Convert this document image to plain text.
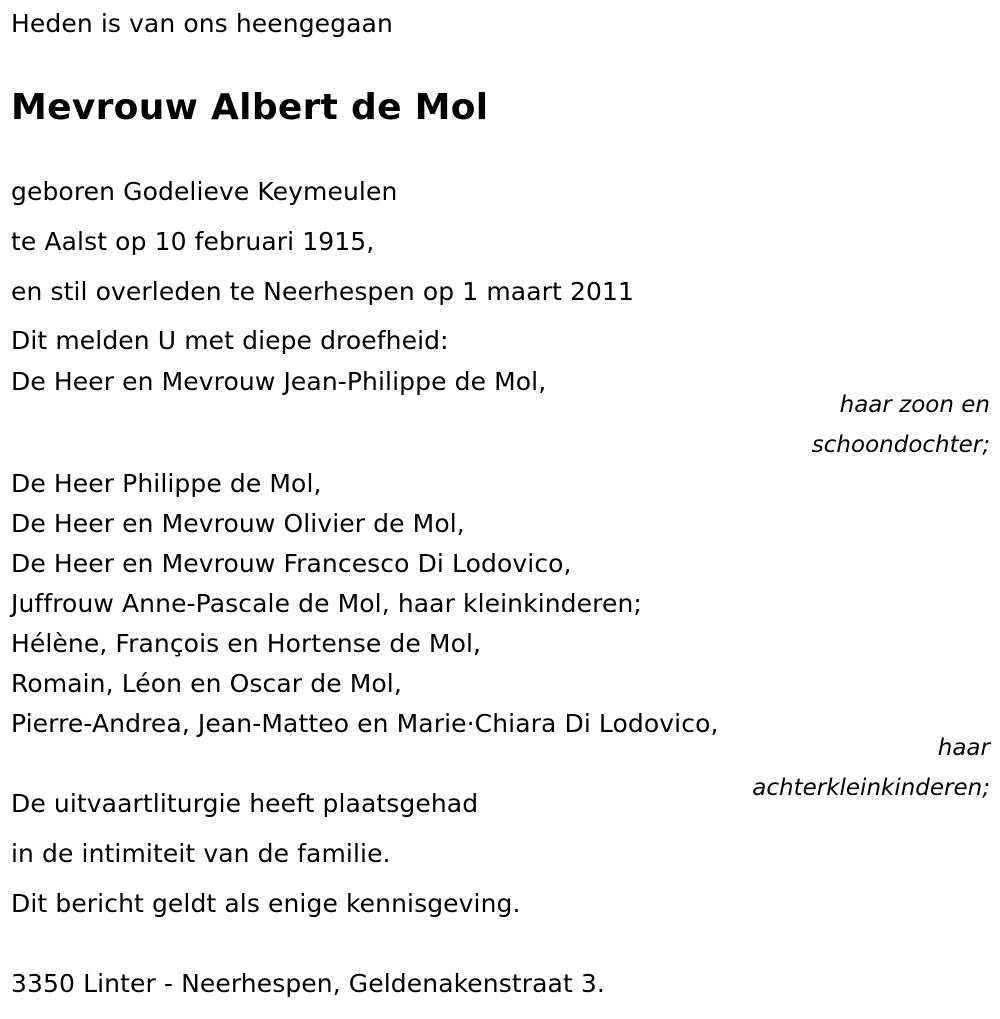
Heden is van ons heengegaan
Mevrouw Albert de Mol
geboren Godelieve Keymeulen
te Aalst op 10 februari 1915,
en stil overleden te Neerhespen op 1 maart 2011
Dit melden U met diepe droefheid:
De Heer en Mevrouw Jean-Philippe de Mol,
haar zoon en
schoondochter;
De Heer Philippe de Mol,
De Heer en Mevrouw Olivier de Mol,
De Heer en Mevrouw Francesco Di Lodovico,
Juffrouw Anne-Pascale de Mol, haar kleinkinderen;
Hélène, François en Hortense de Mol,
Romain, Léon en Oscar de Mol,
Pierre-Andrea, Jean-Matteo en Marie·Chiara Di Lodovico,
haar
achterkleinkinderen;
De uitvaartliturgie heeft plaatsgehad
in de intimiteit van de familie.
Dit bericht geldt als enige kennisgeving.
3350 Linter - Neerhespen, Geldenakenstraat 3.
